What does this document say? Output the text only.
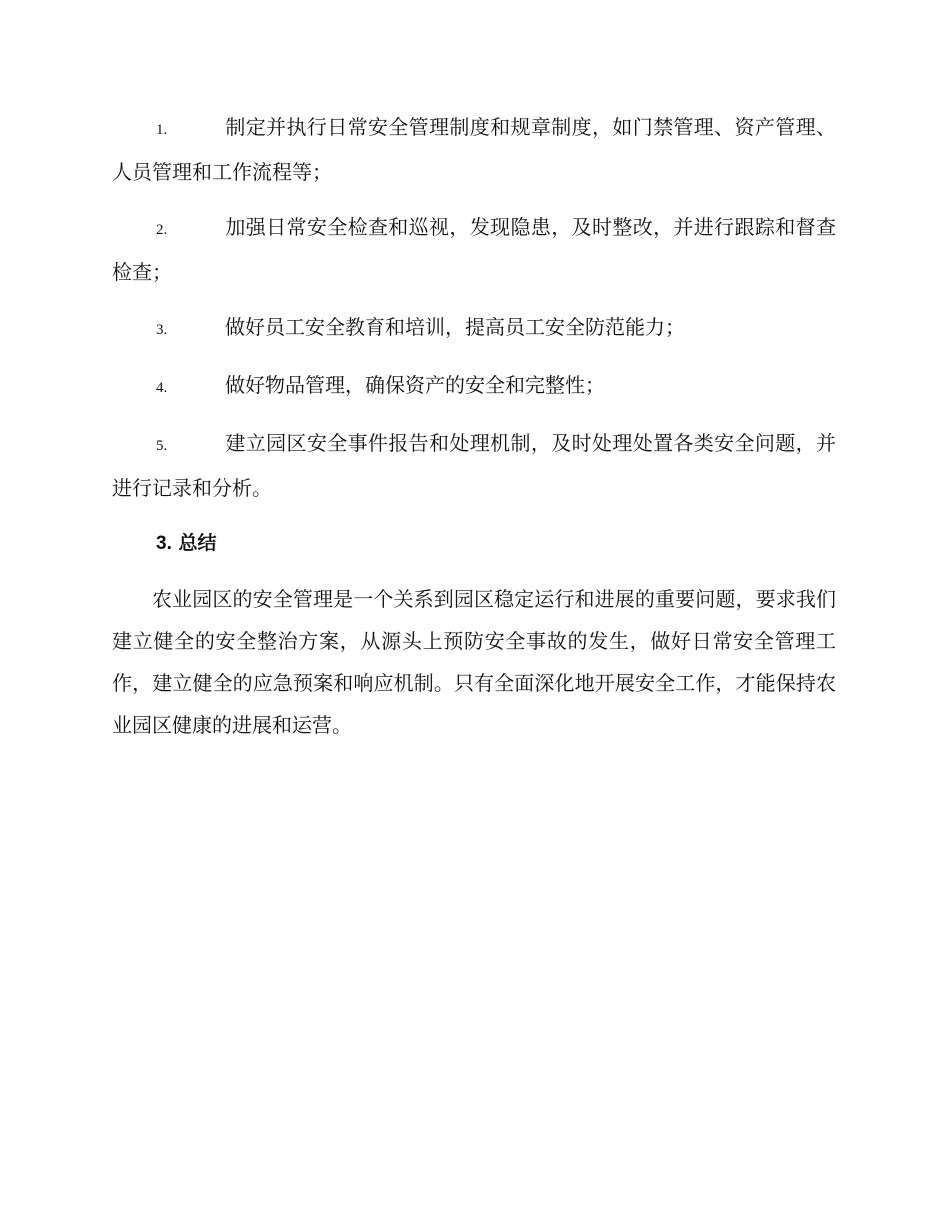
1.	制定并执行日常安全管理制度和规章制度，如门禁管理、资产管理、人员管理和工作流程等；
2.	加强日常安全检查和巡视，发现隐患，及时整改，并进行跟踪和督查检查；
3.	做好员工安全教育和培训，提高员工安全防范能力；
4.	做好物品管理，确保资产的安全和完整性；
5.	建立园区安全事件报告和处理机制，及时处理处置各类安全问题，并进行记录和分析。
3. 总结

农业园区的安全管理是一个关系到园区稳定运行和进展的重要问题，要求我们建立健全的安全整治方案，从源头上预防安全事故的发生，做好日常安全管理工作，建立健全的应急预案和响应机制。只有全面深化地开展安全工作，才能保持农业园区健康的进展和运营。
